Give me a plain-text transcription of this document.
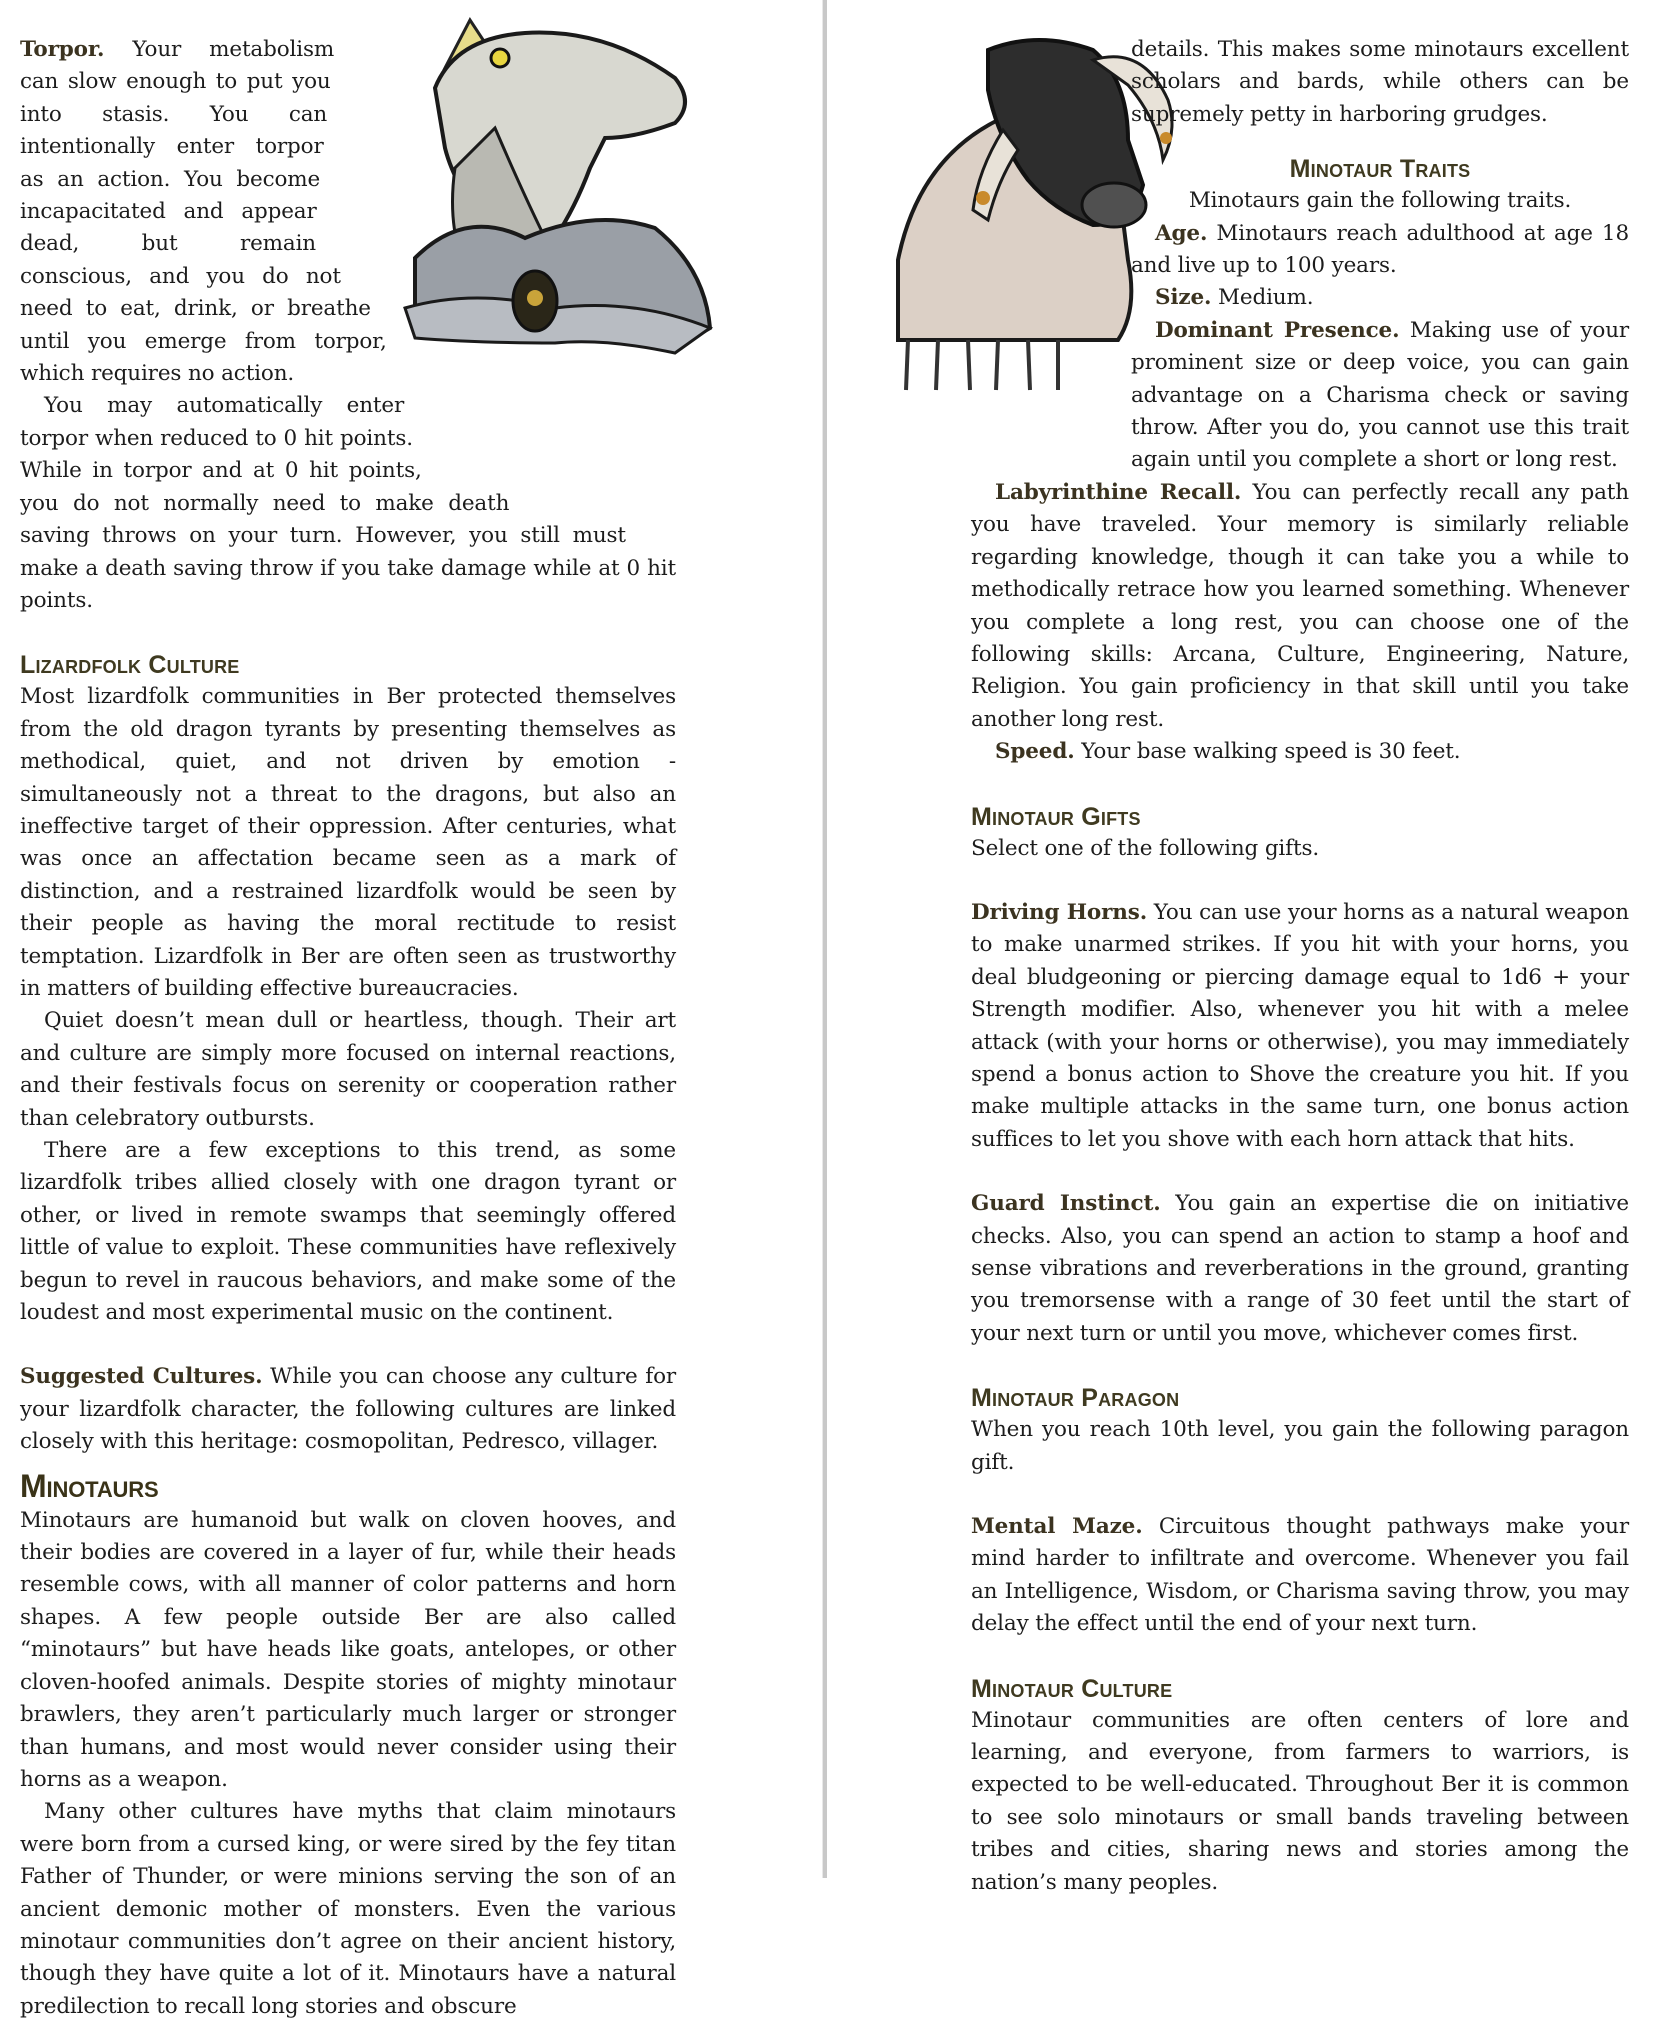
Torpor. Your metabolism can slow enough to put you into stasis. You can intentionally enter torpor as an action. You become incapacitated and appear dead, but remain conscious, and you do not need to eat, drink, or breathe until you emerge from torpor, which requires no action.

You may automatically enter torpor when reduced to 0 hit points. While in torpor and at 0 hit points, you do not normally need to make death saving throws on your turn. However, you still must make a death saving throw if you take damage while at 0 hit points.

Lizardfolk Culture

Most lizardfolk communities in Ber protected themselves from the old dragon tyrants by presenting themselves as methodical, quiet, and not driven by emotion - simultaneously not a threat to the dragons, but also an ineffective target of their oppression. After centuries, what was once an affectation became seen as a mark of distinction, and a restrained lizardfolk would be seen by their people as having the moral rectitude to resist temptation. Lizardfolk in Ber are often seen as trustworthy in matters of building effective bureaucracies.

Quiet doesn’t mean dull or heartless, though. Their art and culture are simply more focused on internal reactions, and their festivals focus on serenity or cooperation rather than celebratory outbursts.

There are a few exceptions to this trend, as some lizardfolk tribes allied closely with one dragon tyrant or other, or lived in remote swamps that seemingly offered little of value to exploit. These communities have reflexively begun to revel in raucous behaviors, and make some of the loudest and most experimental music on the continent.

Suggested Cultures. While you can choose any culture for your lizardfolk character, the following cultures are linked closely with this heritage: cosmopolitan, Pedresco, villager.

Minotaurs

Minotaurs are humanoid but walk on cloven hooves, and their bodies are covered in a layer of fur, while their heads resemble cows, with all manner of color patterns and horn shapes. A few people outside Ber are also called “minotaurs” but have heads like goats, antelopes, or other cloven-hoofed animals. Despite stories of mighty minotaur brawlers, they aren’t particularly much larger or stronger than humans, and most would never consider using their horns as a weapon.

Many other cultures have myths that claim minotaurs were born from a cursed king, or were sired by the fey titan Father of Thunder, or were minions serving the son of an ancient demonic mother of monsters. Even the various minotaur communities don’t agree on their ancient history, though they have quite a lot of it. Minotaurs have a natural predilection to recall long stories and obscure

details. This makes some minotaurs excellent scholars and bards, while others can be supremely petty in harboring grudges.

Minotaur Traits

Minotaurs gain the following traits.

Age. Minotaurs reach adulthood at age 18 and live up to 100 years.

Size. Medium.

Dominant Presence. Making use of your prominent size or deep voice, you can gain advantage on a Charisma check or saving throw. After you do, you cannot use this trait again until you complete a short or long rest.

Labyrinthine Recall. You can perfectly recall any path you have traveled. Your memory is similarly reliable regarding knowledge, though it can take you a while to methodically retrace how you learned something. Whenever you complete a long rest, you can choose one of the following skills: Arcana, Culture, Engineering, Nature, Religion. You gain proficiency in that skill until you take another long rest.

Speed. Your base walking speed is 30 feet.

Minotaur Gifts

Select one of the following gifts.

Driving Horns. You can use your horns as a natural weapon to make unarmed strikes. If you hit with your horns, you deal bludgeoning or piercing damage equal to 1d6 + your Strength modifier. Also, whenever you hit with a melee attack (with your horns or otherwise), you may immediately spend a bonus action to Shove the creature you hit. If you make multiple attacks in the same turn, one bonus action suffices to let you shove with each horn attack that hits.

Guard Instinct. You gain an expertise die on initiative checks. Also, you can spend an action to stamp a hoof and sense vibrations and reverberations in the ground, granting you tremorsense with a range of 30 feet until the start of your next turn or until you move, whichever comes first.

Minotaur Paragon

When you reach 10th level, you gain the following paragon gift.

Mental Maze. Circuitous thought pathways make your mind harder to infiltrate and overcome. Whenever you fail an Intelligence, Wisdom, or Charisma saving throw, you may delay the effect until the end of your next turn.

Minotaur Culture

Minotaur communities are often centers of lore and learning, and everyone, from farmers to warriors, is expected to be well-educated. Throughout Ber it is common to see solo minotaurs or small bands traveling between tribes and cities, sharing news and stories among the nation’s many peoples.
